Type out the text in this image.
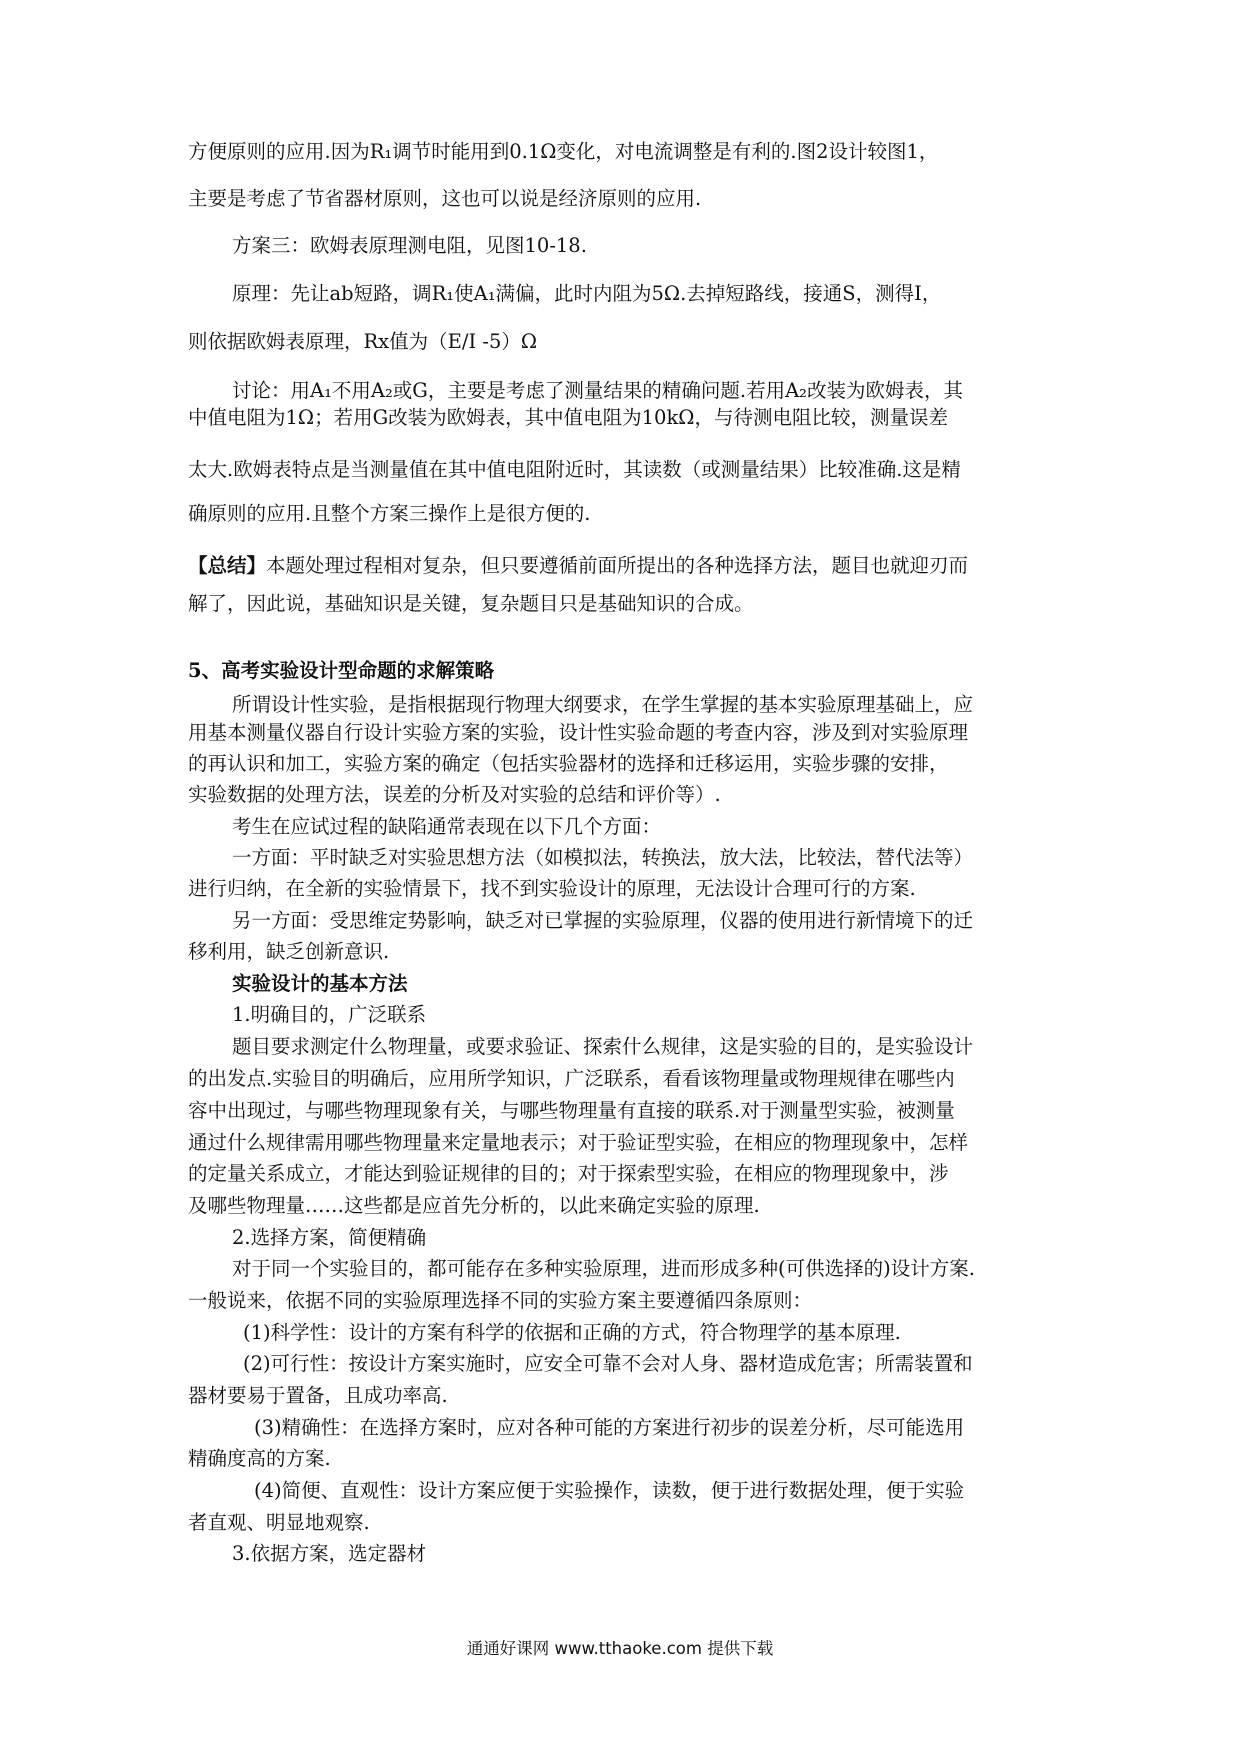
方便原则的应用.因为R₁调节时能用到0.1Ω变化，对电流调整是有利的.图2设计较图1，
主要是考虑了节省器材原则，这也可以说是经济原则的应用.
方案三：欧姆表原理测电阻，见图10-18.
原理：先让ab短路，调R₁使A₁满偏，此时内阻为5Ω.去掉短路线，接通S，测得I，
则依据欧姆表原理，Rx值为（E/I -5）Ω
讨论：用A₁不用A₂或G，主要是考虑了测量结果的精确问题.若用A₂改装为欧姆表，其
中值电阻为1Ω；若用G改装为欧姆表，其中值电阻为10kΩ，与待测电阻比较，测量误差
太大.欧姆表特点是当测量值在其中值电阻附近时，其读数（或测量结果）比较准确.这是精
确原则的应用.且整个方案三操作上是很方便的.
【总结】本题处理过程相对复杂，但只要遵循前面所提出的各种选择方法，题目也就迎刃而
解了，因此说，基础知识是关键，复杂题目只是基础知识的合成。
5、高考实验设计型命题的求解策略
所谓设计性实验，是指根据现行物理大纲要求，在学生掌握的基本实验原理基础上，应
用基本测量仪器自行设计实验方案的实验，设计性实验命题的考查内容，涉及到对实验原理
的再认识和加工，实验方案的确定（包括实验器材的选择和迁移运用，实验步骤的安排，
实验数据的处理方法，误差的分析及对实验的总结和评价等）.
考生在应试过程的缺陷通常表现在以下几个方面：
一方面：平时缺乏对实验思想方法（如模拟法，转换法，放大法，比较法，替代法等）
进行归纳，在全新的实验情景下，找不到实验设计的原理，无法设计合理可行的方案.
另一方面：受思维定势影响，缺乏对已掌握的实验原理，仪器的使用进行新情境下的迁
移利用，缺乏创新意识.
实验设计的基本方法
1.明确目的，广泛联系
题目要求测定什么物理量，或要求验证、探索什么规律，这是实验的目的，是实验设计
的出发点.实验目的明确后，应用所学知识，广泛联系，看看该物理量或物理规律在哪些内
容中出现过，与哪些物理现象有关，与哪些物理量有直接的联系.对于测量型实验，被测量
通过什么规律需用哪些物理量来定量地表示；对于验证型实验，在相应的物理现象中，怎样
的定量关系成立，才能达到验证规律的目的；对于探索型实验，在相应的物理现象中，涉
及哪些物理量……这些都是应首先分析的，以此来确定实验的原理.
2.选择方案，简便精确
对于同一个实验目的，都可能存在多种实验原理，进而形成多种(可供选择的)设计方案.
一般说来，依据不同的实验原理选择不同的实验方案主要遵循四条原则：
(1)科学性：设计的方案有科学的依据和正确的方式，符合物理学的基本原理.
(2)可行性：按设计方案实施时，应安全可靠不会对人身、器材造成危害；所需装置和
器材要易于置备，且成功率高.
(3)精确性：在选择方案时，应对各种可能的方案进行初步的误差分析，尽可能选用
精确度高的方案.
(4)简便、直观性：设计方案应便于实验操作，读数，便于进行数据处理，便于实验
者直观、明显地观察.
3.依据方案，选定器材
通通好课网 www.tthaoke.com 提供下载
